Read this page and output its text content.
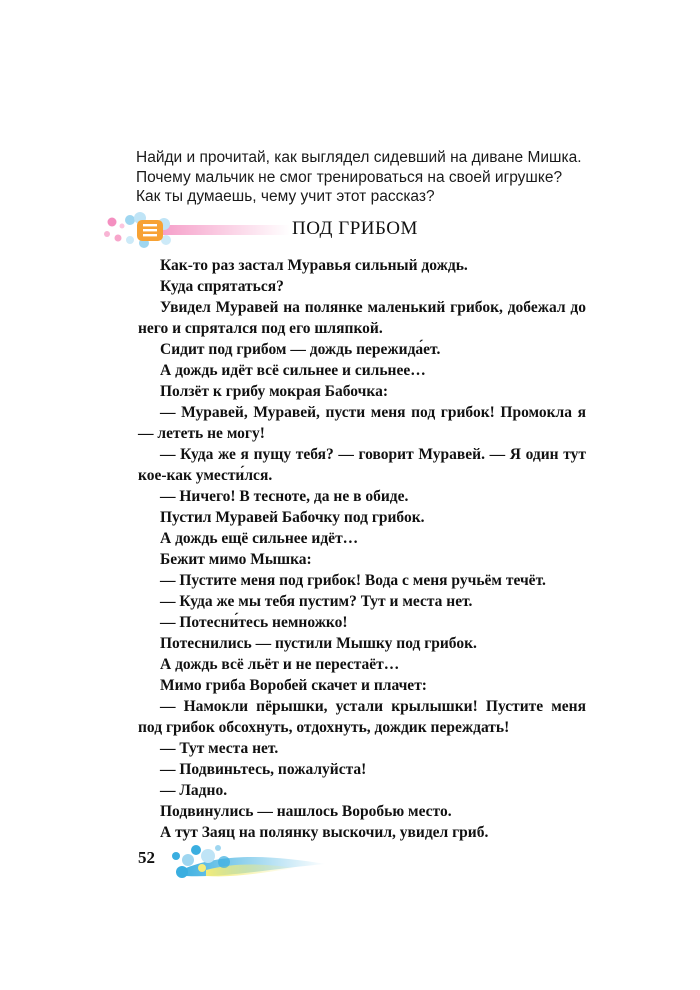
Найди и прочитай, как выглядел сидевший на диване Мишка.
Почему мальчик не смог тренироваться на своей игрушке?
Как ты думаешь, чему учит этот рассказ?
ПОД ГРИБОМ

Как-то раз застал Муравья сильный дождь.

Куда спрятаться?

Увидел Муравей на полянке маленький грибок, добежал до него и спрятался под его шляпкой.

Сидит под грибом — дождь пережида́ет.

А дождь идёт всё сильнее и сильнее…

Ползёт к грибу мокрая Бабочка:

— Муравей, Муравей, пусти меня под грибок! Промокла я — лететь не могу!

— Куда же я пущу тебя? — говорит Муравей. — Я один тут кое-как умести́лся.

— Ничего! В тесноте, да не в обиде.

Пустил Муравей Бабочку под грибок.

А дождь ещё сильнее идёт…

Бежит мимо Мышка:

— Пустите меня под грибок! Вода с меня ручьём течёт.

— Куда же мы тебя пустим? Тут и места нет.

— Потесни́тесь немножко!

Потеснились — пустили Мышку под грибок.

А дождь всё льёт и не перестаёт…

Мимо гриба Воробей скачет и плачет:

— Намокли пёрышки, устали крылышки! Пустите меня под грибок обсохнуть, отдохнуть, дождик переждать!

— Тут места нет.

— Подвиньтесь, пожалуйста!

— Ладно.

Подвинулись — нашлось Воробью место.

А тут Заяц на полянку выскочил, увидел гриб.

52
